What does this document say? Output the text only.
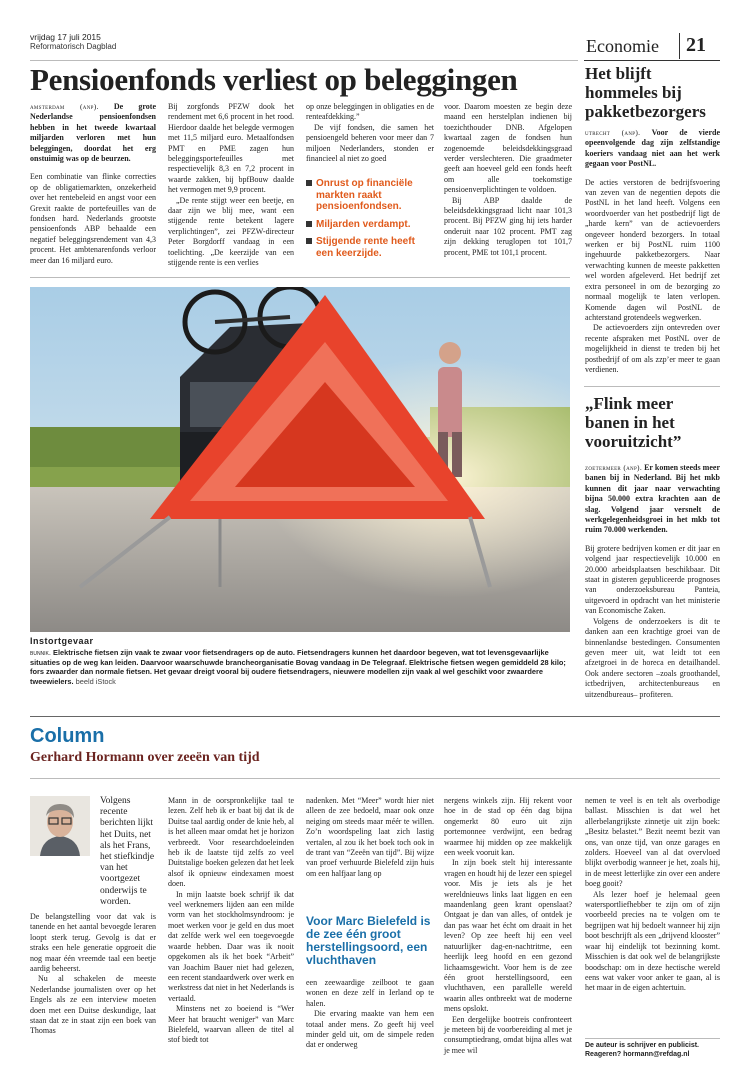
vrijdag 17 juli 2015
Reformatorisch Dagblad	Economie 21
Pensioenfonds verliest op beleggingen

amsterdam (anp). De grote Nederlandse pensioenfondsen hebben in het tweede kwartaal miljarden verloren met hun beleggingen, doordat het erg onstuimig was op de beurzen.

Een combinatie van flinke correcties op de obligatiemarkten, onzekerheid over het rentebeleid en angst voor een Grexit raakte de portefeuilles van de fondsen hard. Nederlands grootste pensioenfonds ABP behaalde een negatief beleggingsrendement van 4,3 procent. Het ambtenarenfonds verloor meer dan 16 miljard euro.

Bij zorgfonds PFZW dook het rendement met 6,6 procent in het rood. Hierdoor daalde het belegde vermogen met 11,5 miljard euro. Metaalfondsen PMT en PME zagen hun beleggingsportefeuilles met respectievelijk 8,3 en 7,2 procent in waarde zakken, bij bpfBouw daalde het vermogen met 9,9 procent.

„De rente stijgt weer een beetje, en daar zijn we blij mee, want een stijgende rente betekent lagere verplichtingen”, zei PFZW-directeur Peter Borgdorff vandaag in een toelichting. „De keerzijde van een stijgende rente is een verlies

op onze beleggingen in obligaties en de renteafdekking.”

De vijf fondsen, die samen het pensioengeld beheren voor meer dan 7 miljoen Nederlanders, stonden er financieel al niet zo goed

Onrust op financiële markten raakt pensioenfondsen.
Miljarden verdampt.
Stijgende rente heeft een keerzijde.

voor. Daarom moesten ze begin deze maand een herstelplan indienen bij toezichthouder DNB. Afgelopen kwartaal zagen de fondsen hun zogenoemde beleidsdekkingsgraad verder verslechteren. Die graadmeter geeft aan hoeveel geld een fonds heeft om alle toekomstige pensioenverplichtingen te voldoen.

Bij ABP daalde de beleidsdekkingsgraad licht naar 101,3 procent. Bij PFZW ging hij iets harder onderuit naar 102 procent. PMT zag zijn dekking teruglopen tot 101,7 procent, PME tot 101,1 procent.

Het blijft hommeles bij pakketbezorgers

utrecht (anp). Voor de vierde opeenvolgende dag zijn zelfstandige koeriers vandaag niet aan het werk gegaan voor PostNL.

De acties verstoren de bedrijfsvoering van zeven van de negentien depots die PostNL in het land heeft. Volgens een woordvoerder van het postbedrijf ligt de „harde kern” van de actievoerders ongeveer honderd bezorgers. In totaal werken er bij PostNL ruim 1100 ingehuurde pakketbezorgers. Naar verwachting kunnen de meeste pakketten wel worden afgeleverd. Het bedrijf zet extra personeel in om de bezorging zo normaal mogelijk te laten verlopen. Komende dagen wil PostNL de achterstand grotendeels wegwerken.

De actievoerders zijn ontevreden over recente afspraken met PostNL over de mogelijkheid in dienst te treden bij het postbedrijf of om als zzp’er meer te gaan verdienen.

„Flink meer banen in het vooruitzicht”

zoetermeer (anp). Er komen steeds meer banen bij in Nederland. Bij het mkb kunnen dit jaar naar verwachting bijna 50.000 extra krachten aan de slag. Volgend jaar versnelt de werkgelegenheidsgroei in het mkb tot ruim 70.000 werkenden.

Bij grotere bedrijven komen er dit jaar en volgend jaar respectievelijk 10.000 en 20.000 arbeidsplaatsen beschikbaar. Dit staat in gisteren gepubliceerde prognoses van onderzoeksbureau Panteia, uitgevoerd in opdracht van het ministerie van Economische Zaken.

Volgens de onderzoekers is dit te danken aan een krachtige groei van de binnenlandse bestedingen. Consumenten geven meer uit, wat leidt tot een afzetgroei in de horeca en detailhandel. Ook andere sectoren –zoals groothandel, ictbedrijven, architectenbureaus en uitzendbureaus– profiteren.

Instortgevaar
bunnik. Elektrische fietsen zijn vaak te zwaar voor fietsendragers op de auto. Fietsendragers kunnen het daardoor begeven, wat tot levensgevaarlijke situaties op de weg kan leiden. Daarvoor waarschuwde brancheorganisatie Bovag vandaag in De Telegraaf. Elektrische fietsen wegen gemiddeld 28 kilo; fors zwaarder dan normale fietsen. Het gevaar dreigt vooral bij oudere fietsendragers, nieuwere modellen zijn vaak al wel geschikt voor zwaardere tweewielers. beeld iStock
Column
Gerhard Hormann over zeeën van tijd
Volgens recente berichten lijkt het Duits, net als het Frans, het stiefkindje van het voortgezet onderwijs te worden.

De belangstelling voor dat vak is tanende en het aantal bevoegde leraren loopt sterk terug. Gevolg is dat er straks een hele generatie opgroeit die nog maar één vreemde taal een beetje aardig beheerst.

Nu al schakelen de meeste Nederlandse journalisten over op het Engels als ze een interview moeten doen met een Duitse deskundige, laat staan dat ze in staat zijn een boek van Thomas

Mann in de oorspronkelijke taal te lezen. Zelf heb ik er baat bij dat ik de Duitse taal aardig onder de knie heb, al is het alleen maar omdat het je horizon verbreedt. Voor researchdoeleinden heb ik de laatste tijd zelfs zo veel Duitstalige boeken gelezen dat het leek alsof ik opnieuw eindexamen moest doen.

In mijn laatste boek schrijf ik dat veel werknemers lijden aan een milde vorm van het stockholmsyndroom: je moet werken voor je geld en dus moet dat zelfde werk wel een toegevoegde waarde hebben. Daar was ik nooit opgekomen als ik het boek “Arbeit” van Joachim Bauer niet had gelezen, een recent standaardwerk over werk en werkstress dat niet in het Nederlands is vertaald.

Minstens net zo boeiend is “Wer Meer hat braucht weniger” van Marc Bielefeld, waarvan alleen de titel al stof biedt tot

nadenken. Met “Meer” wordt hier niet alleen de zee bedoeld, maar ook onze neiging om steeds maar méér te willen. Zo’n woordspeling laat zich lastig vertalen, al zou ik het boek toch ook in de trant van “Zeeën van tijd”. Bij wijze van proef verhuurde Bielefeld zijn huis om een halfjaar lang op

Voor Marc Bielefeld is de zee één groot herstellingsoord, een vluchthaven

een zeewaardige zeilboot te gaan wonen en deze zelf in Ierland op te halen.

Die ervaring maakte van hem een totaal ander mens. Zo geeft hij veel minder geld uit, om de simpele reden dat er onderweg

nergens winkels zijn. Hij rekent voor hoe in de stad op één dag bijna ongemerkt 80 euro uit zijn portemonnee verdwijnt, een bedrag waarmee hij midden op zee makkelijk een week vooruit kan.

In zijn boek stelt hij interessante vragen en houdt hij de lezer een spiegel voor. Mis je iets als je het wereldnieuws links laat liggen en een maandenlang geen krant openslaat? Ontgaat je dan van alles, of ontdek je dan pas waar het écht om draait in het leven? Op zee heeft hij een veel natuurlijker dag-en-nachtritme, een heerlijk leeg hoofd en een gezond lichaamsgewicht. Voor hem is de zee één groot herstellingsoord, een vluchthaven, een parallelle wereld waarin alles ontbreekt wat de moderne mens opslokt.

Een dergelijke bootreis confronteert je meteen bij de voorbereiding al met je consumptiedrang, omdat bijna alles wat je mee wil

nemen te veel is en telt als overbodige ballast. Misschien is dat wel het allerbelangrijkste zinnetje uit zijn boek: „Besitz belastet.” Bezit neemt bezit van ons, van onze tijd, van onze garages en zolders. Hoeveel van al dat overvloed blijkt overbodig wanneer je het, zoals hij, in de meest letterlijke zin over een andere boeg gooit?

Als lezer hoef je helemaal geen watersportliefhebber te zijn om of zijn voorbeeld precies na te volgen om te begrijpen wat hij bedoelt wanneer hij zijn boot beschrijft als een „drijvend klooster” waar hij eindelijk tot bezinning komt. Misschien is dat ook wel de belangrijkste boodschap: om in deze hectische wereld eens wat vaker voor anker te gaan, al is het maar in de eigen achtertuin.

De auteur is schrijver en publicist.
Reageren? hormann@refdag.nl
